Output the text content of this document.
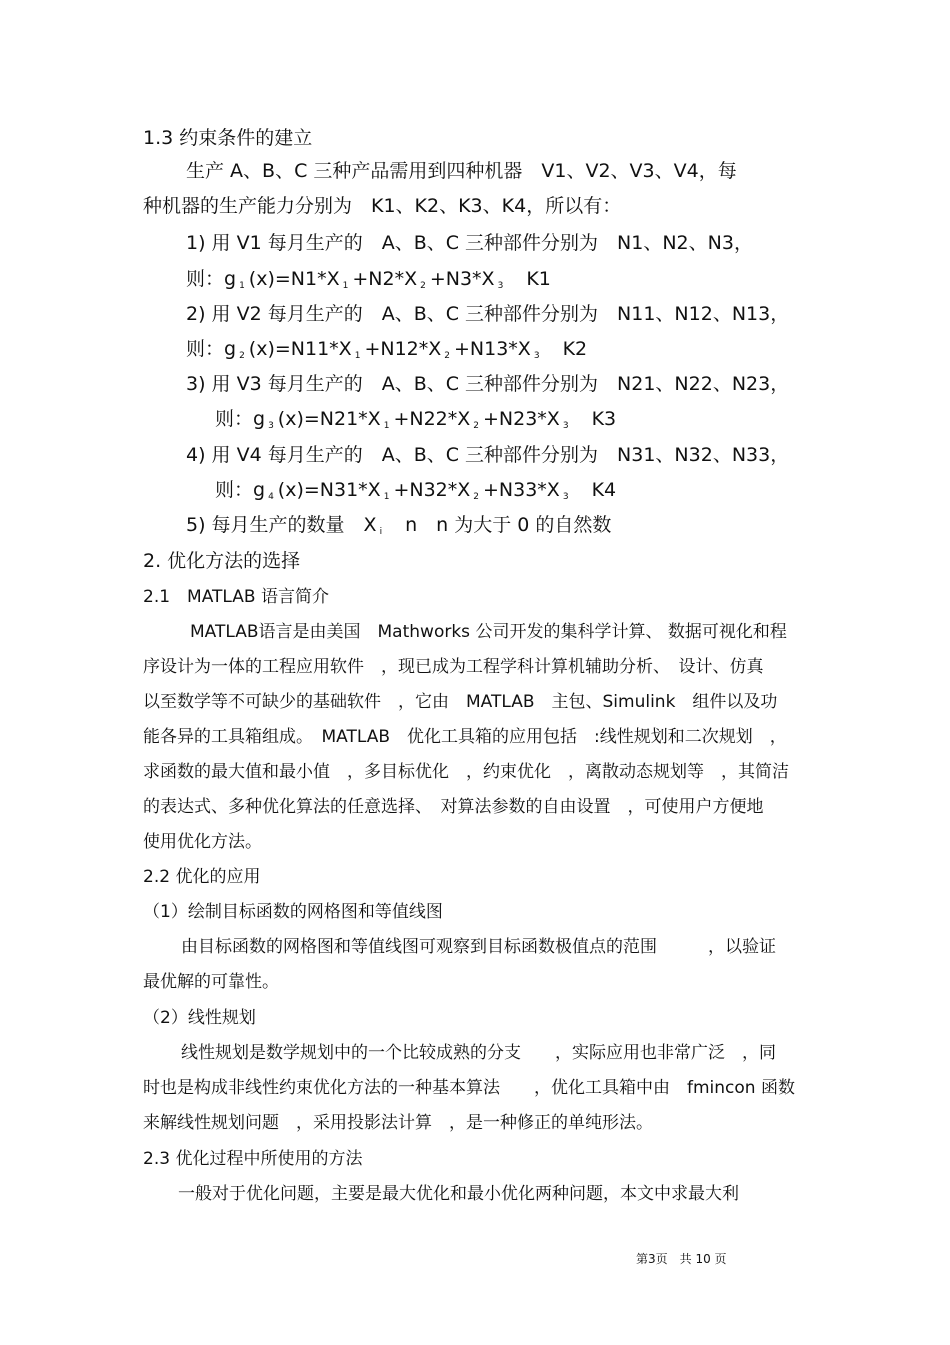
1.3 约束条件的建立
生产 A、B、C 三种产品需用到四种机器　V1、V2、V3、V4，每
种机器的生产能力分别为　K1、K2、K3、K4，所以有：
1) 用 V1 每月生产的　A、B、C 三种部件分别为　N1、N2、N3，
则：g $_1$ (x)=N1*X $_1$ +N2*X $_2$ +N3*X $_3$　 K1
2) 用 V2 每月生产的　A、B、C 三种部件分别为　N11、N12、N13，
则：g $_2$ (x)=N11*X $_1$ +N12*X $_2$ +N13*X $_3$　 K2
3) 用 V3 每月生产的　A、B、C 三种部件分别为　N21、N22、N23，
则：g $_3$ (x)=N21*X $_1$ +N22*X $_2$ +N23*X $_3$　 K3
4) 用 V4 每月生产的　A、B、C 三种部件分别为　N31、N32、N33，
则：g $_4$ (x)=N31*X $_1$ +N32*X $_2$ +N33*X $_3$　 K4
5) 每月生产的数量　X $_i$　 n　n 为大于 0 的自然数
2. 优化方法的选择
2.1　MATLAB 语言简介
MATLAB语言是由美国　Mathworks 公司开发的集科学计算、 数据可视化和程
序设计为一体的工程应用软件　，现已成为工程学科计算机辅助分析、　设计、仿真
以至数学等不可缺少的基础软件　，它由　MATLAB　主包、Simulink　组件以及功
能各异的工具箱组成。　MATLAB　优化工具箱的应用包括　:线性规划和二次规划　，
求函数的最大值和最小值　，多目标优化　，约束优化　，离散动态规划等　，其简洁
的表达式、多种优化算法的任意选择、　对算法参数的自由设置　，可使用户方便地
使用优化方法。
2.2 优化的应用
（1）绘制目标函数的网格图和等值线图
由目标函数的网格图和等值线图可观察到目标函数极值点的范围　　　，以验证
最优解的可靠性。
（2）线性规划
线性规划是数学规划中的一个比较成熟的分支　　，实际应用也非常广泛　，同
时也是构成非线性约束优化方法的一种基本算法　　，优化工具箱中由　fmincon 函数
来解线性规划问题　，采用投影法计算　，是一种修正的单纯形法。
2.3 优化过程中所使用的方法
一般对于优化问题，主要是最大优化和最小优化两种问题，本文中求最大利
第3页　共 10 页
